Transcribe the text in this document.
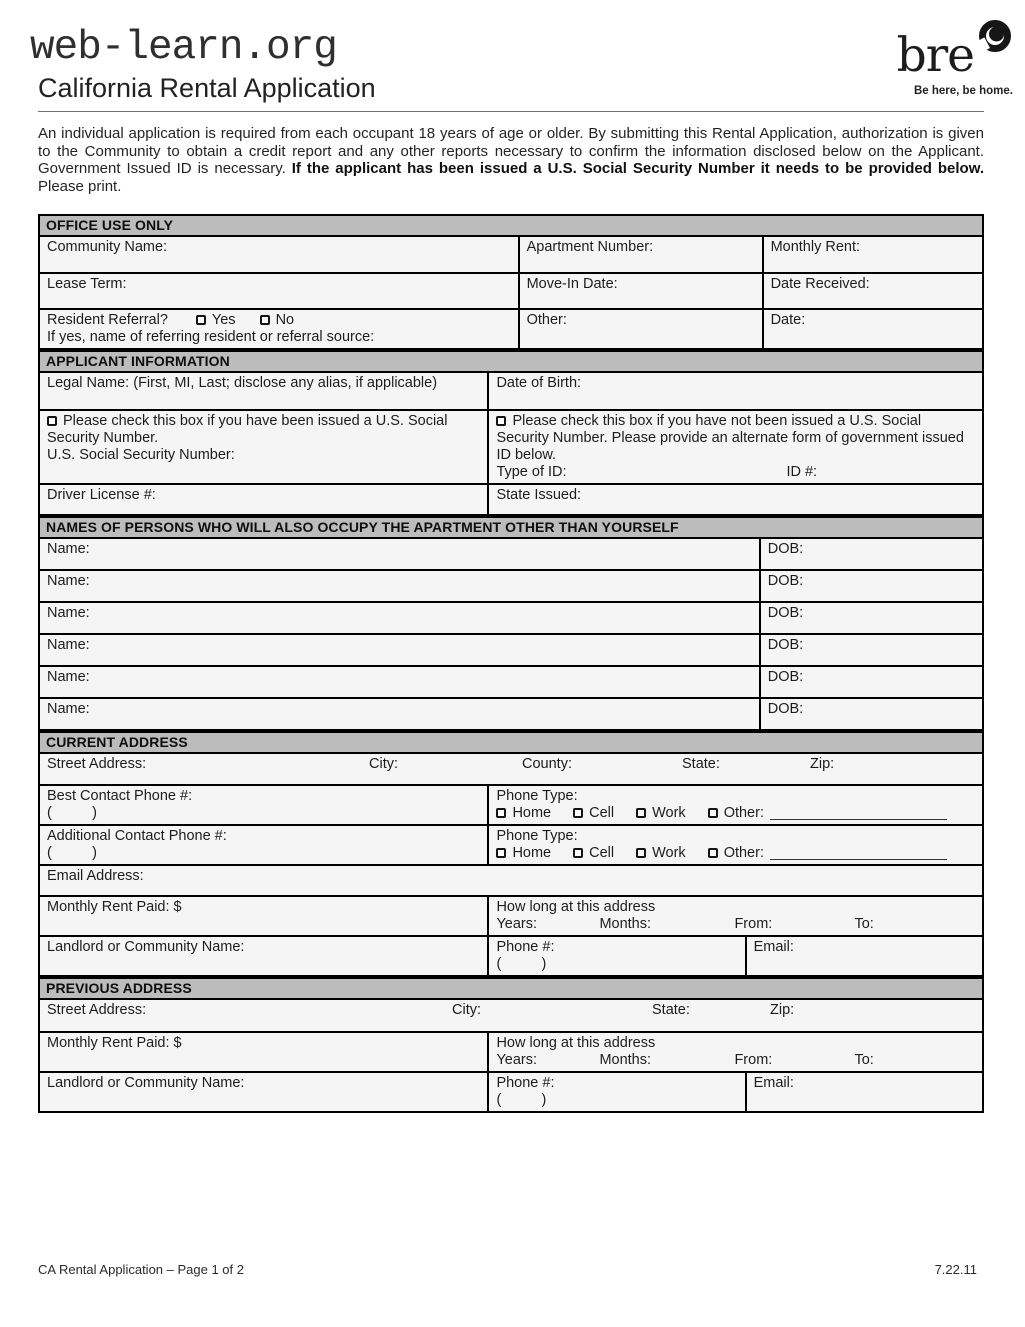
bre
Be here, be home.
web-learn.org
California Rental Application

An individual application is required from each occupant 18 years of age or older. By submitting this Rental Application, authorization is given to the Community to obtain a credit report and any other reports necessary to confirm the information disclosed below on the Applicant. Government Issued ID is necessary. If the applicant has been issued a U.S. Social Security Number it needs to be provided below. Please print.

OFFICE USE ONLY
Community Name:	Apartment Number:	Monthly Rent:
Lease Term:	Move-In Date:	Date Received:
Resident Referral?	Yes	No
If yes, name of referring resident or referral source:
Other:	Date:
APPLICANT INFORMATION
Legal Name: (First, MI, Last; disclose any alias, if applicable)	Date of Birth:
Please check this box if you have been issued a U.S. Social Security Number.
U.S. Social Security Number:
Please check this box if you have not been issued a U.S. Social Security Number. Please provide an alternate form of government issued ID below.
Type of ID:	ID #:
Driver License #:	State Issued:
NAMES OF PERSONS WHO WILL ALSO OCCUPY THE APARTMENT OTHER THAN YOURSELF
Name:	DOB:
Name:	DOB:
Name:	DOB:
Name:	DOB:
Name:	DOB:
Name:	DOB:
CURRENT ADDRESS
Street Address:	City:	County:	State:	Zip:
Best Contact Phone #:
(          )
Phone Type:
Home	Cell	Work	Other:
Additional Contact Phone #:
(          )
Phone Type:
Home	Cell	Work	Other:
Email Address:
Monthly Rent Paid: $	How long at this address
Years:	Months:	From:	To:
Landlord or Community Name:	Phone #:
(          )
Email:
PREVIOUS ADDRESS
Street Address:	City:	State:	Zip:
Monthly Rent Paid: $	How long at this address
Years:	Months:	From:	To:
Landlord or Community Name:	Phone #:
(          )
Email:
CA Rental Application – Page 1 of 2	7.22.11
